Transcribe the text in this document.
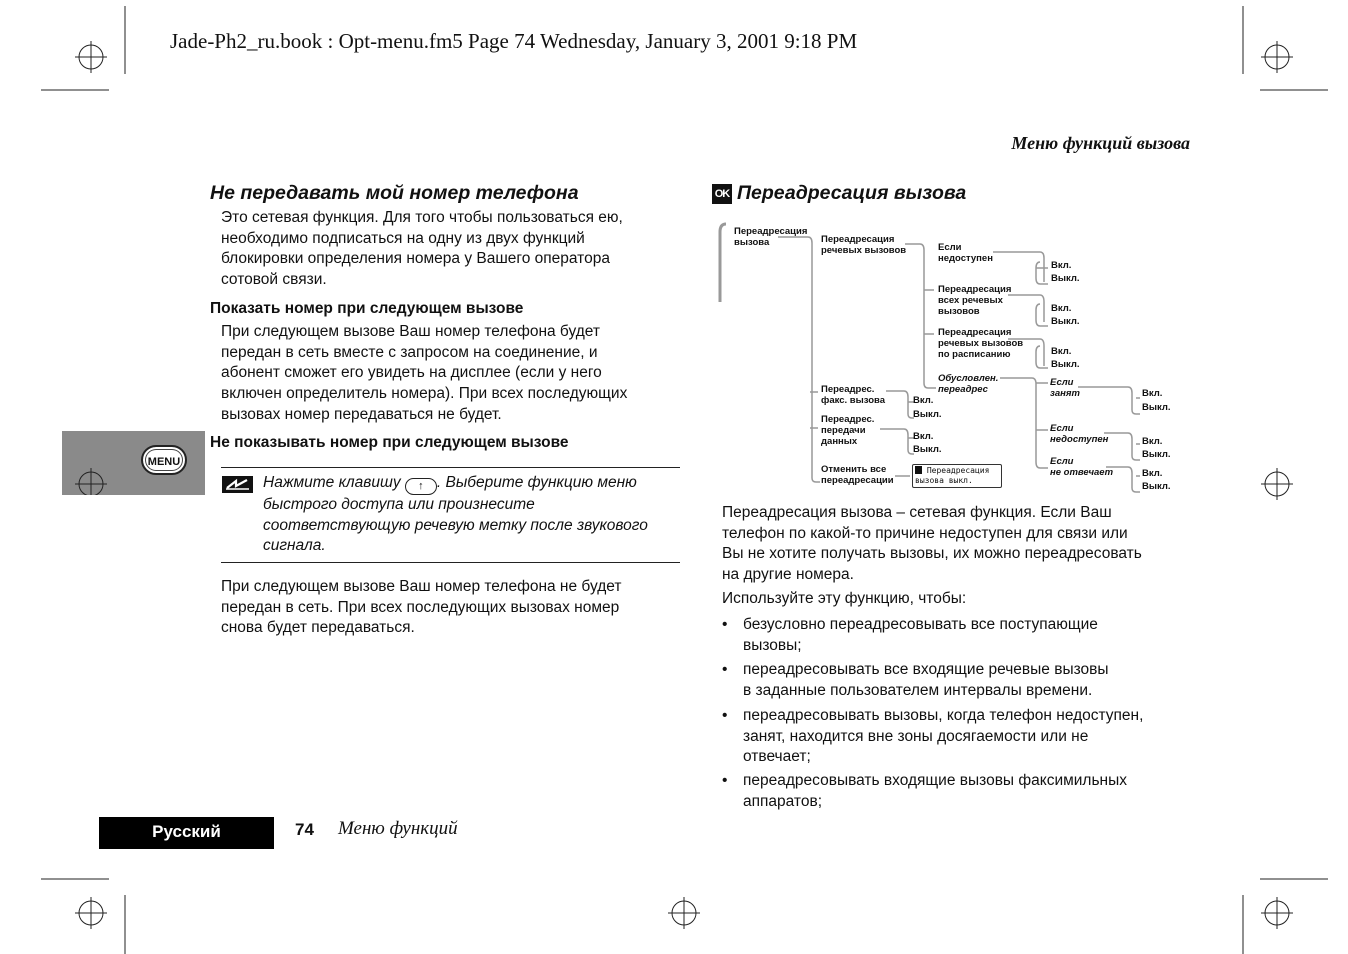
Jade-Ph2_ru.book : Opt-menu.fm5 Page 74 Wednesday, January 3, 2001 9:18 PM
Меню функций вызова
Не передавать мой номер телефона
Это сетевая функция. Для того чтобы пользоваться ею,
необходимо подписаться на одну из двух функций
блокировки определения номера у Вашего оператора
сотовой связи.
Показать номер при следующем вызове
При следующем вызове Ваш номер телефона будет
передан в сеть вместе с запросом на соединение, и
абонент сможет его увидеть на дисплее (если у него
включен определитель номера). При всех последующих
вызовах номер передаваться не будет.
MENU
Не показывать номер при следующем вызове
Нажмите клавишу ↑ . Выберите функцию меню
быстрого доступа или произнесите
соответствующую речевую метку после звукового
сигнала.
При следующем вызове Ваш номер телефона не будет
передан в сеть. При всех последующих вызовах номер
снова будет передаваться.
OK Переадресация вызова
Переадресация
вызова	Переадресация
речевых вызовов	Если
недоступен
Переадресация
всех речевых
вызовов
Переадресация
речевых вызовов
по расписанию
Обусловлен.
переадрес
Если
занят
Если
недоступен
Если
не отвечает
Переадрес.
факс. вызова
Переадрес.
передачи
данных
Отменить все
переадресации
Вкл.
Выкл.
Вкл.
Выкл.
Вкл.
Выкл.
Вкл.
Выкл.
Вкл.
Выкл.
Вкл.
Выкл.
Вкл.
Выкл.
Вкл.
Выкл.
Переадресация
вызова выкл.
Переадресация вызова – сетевая функция. Если Ваш
телефон по какой-то причине недоступен для связи или
Вы не хотите получать вызовы, их можно переадресовать
на другие номера.
Используйте эту функцию, чтобы:
• безусловно переадресовывать все поступающие
вызовы;
• переадресовывать все входящие речевые вызовы
в заданные пользователем интервалы времени.
• переадресовывать вызовы, когда телефон недоступен,
занят, находится вне зоны досягаемости или не
отвечает;
• переадресовывать входящие вызовы факсимильных
аппаратов;
Русский	74 Меню функций
